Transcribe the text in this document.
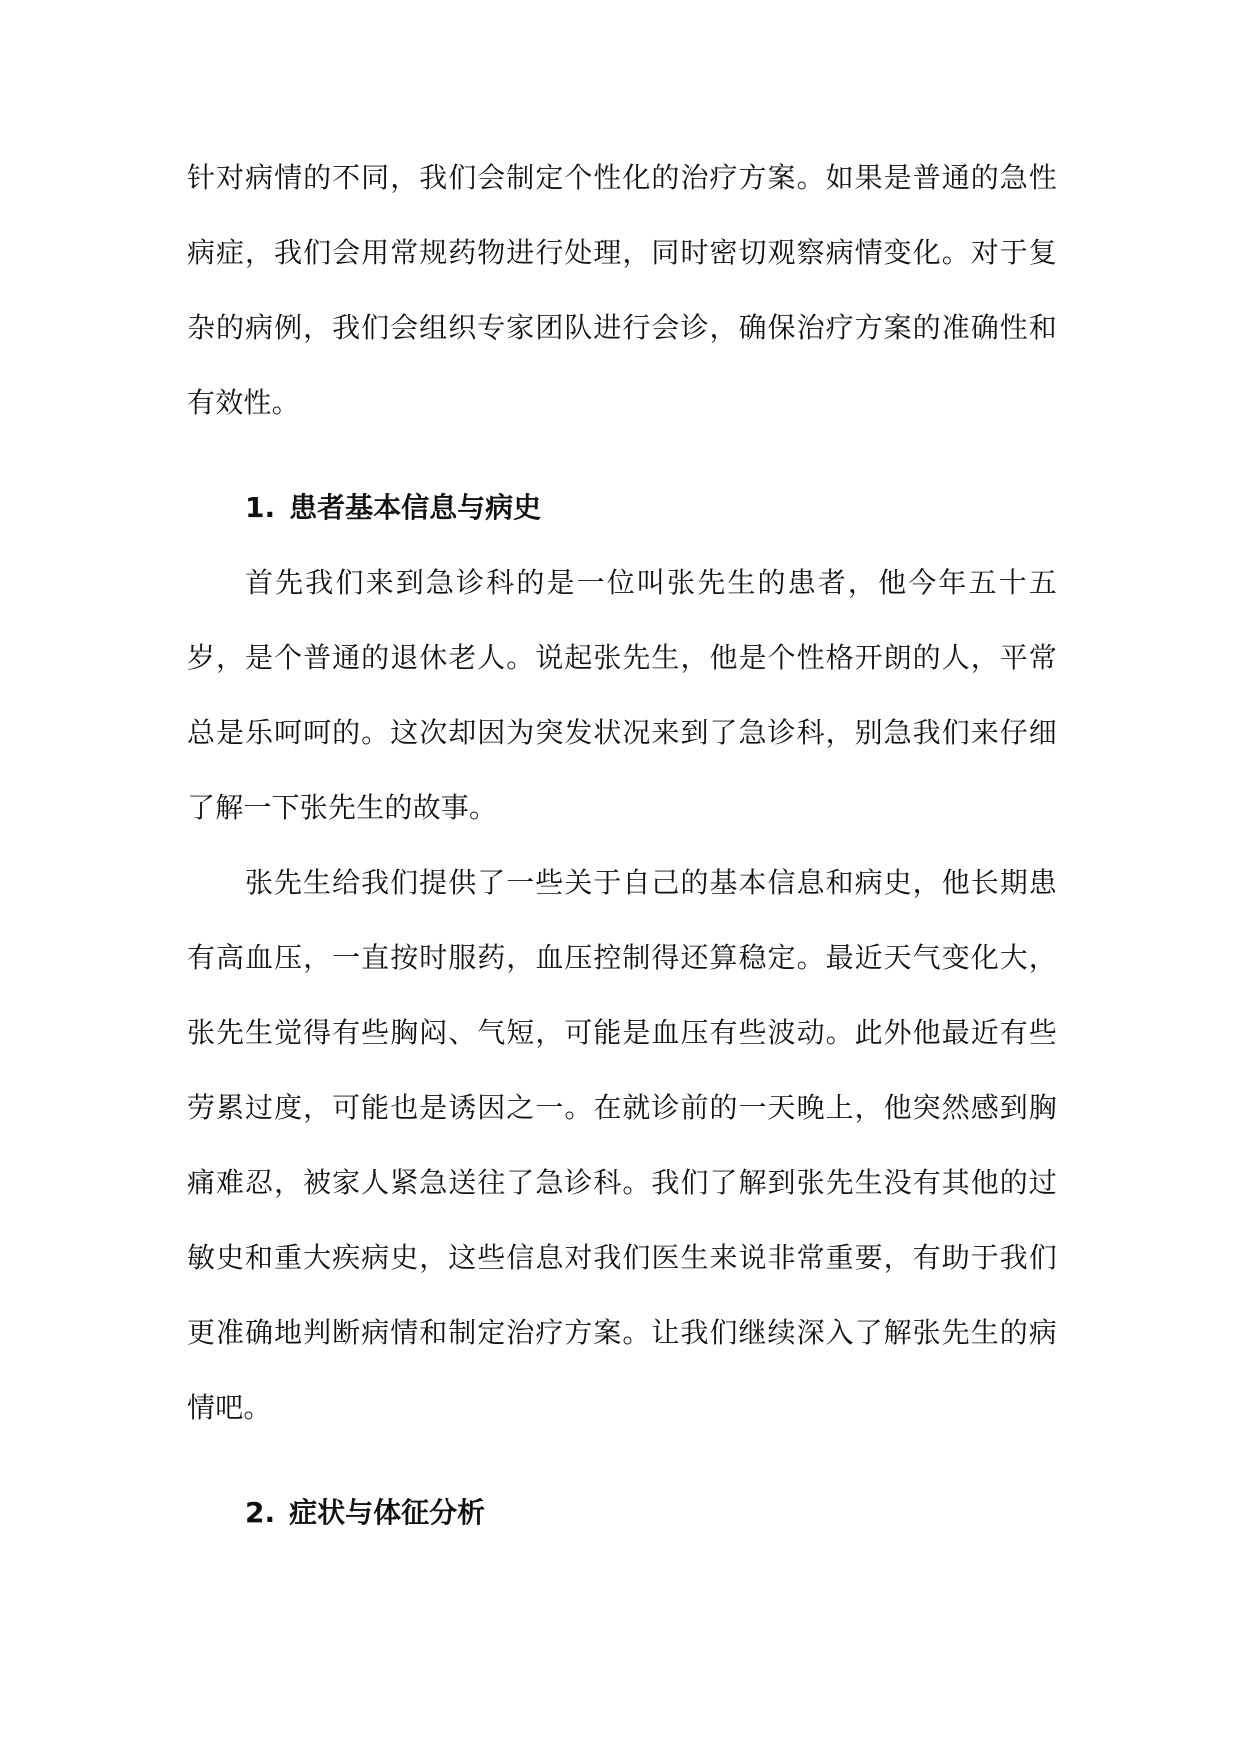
针对病情的不同，我们会制定个性化的治疗方案。如果是普通的急性病症，我们会用常规药物进行处理，同时密切观察病情变化。对于复杂的病例，我们会组织专家团队进行会诊，确保治疗方案的准确性和有效性。

1. 患者基本信息与病史

首先我们来到急诊科的是一位叫张先生的患者，他今年五十五岁，是个普通的退休老人。说起张先生，他是个性格开朗的人，平常总是乐呵呵的。这次却因为突发状况来到了急诊科，别急我们来仔细了解一下张先生的故事。

张先生给我们提供了一些关于自己的基本信息和病史，他长期患有高血压，一直按时服药，血压控制得还算稳定。最近天气变化大，张先生觉得有些胸闷、气短，可能是血压有些波动。此外他最近有些劳累过度，可能也是诱因之一。在就诊前的一天晚上，他突然感到胸痛难忍，被家人紧急送往了急诊科。我们了解到张先生没有其他的过敏史和重大疾病史，这些信息对我们医生来说非常重要，有助于我们更准确地判断病情和制定治疗方案。让我们继续深入了解张先生的病情吧。

2. 症状与体征分析
